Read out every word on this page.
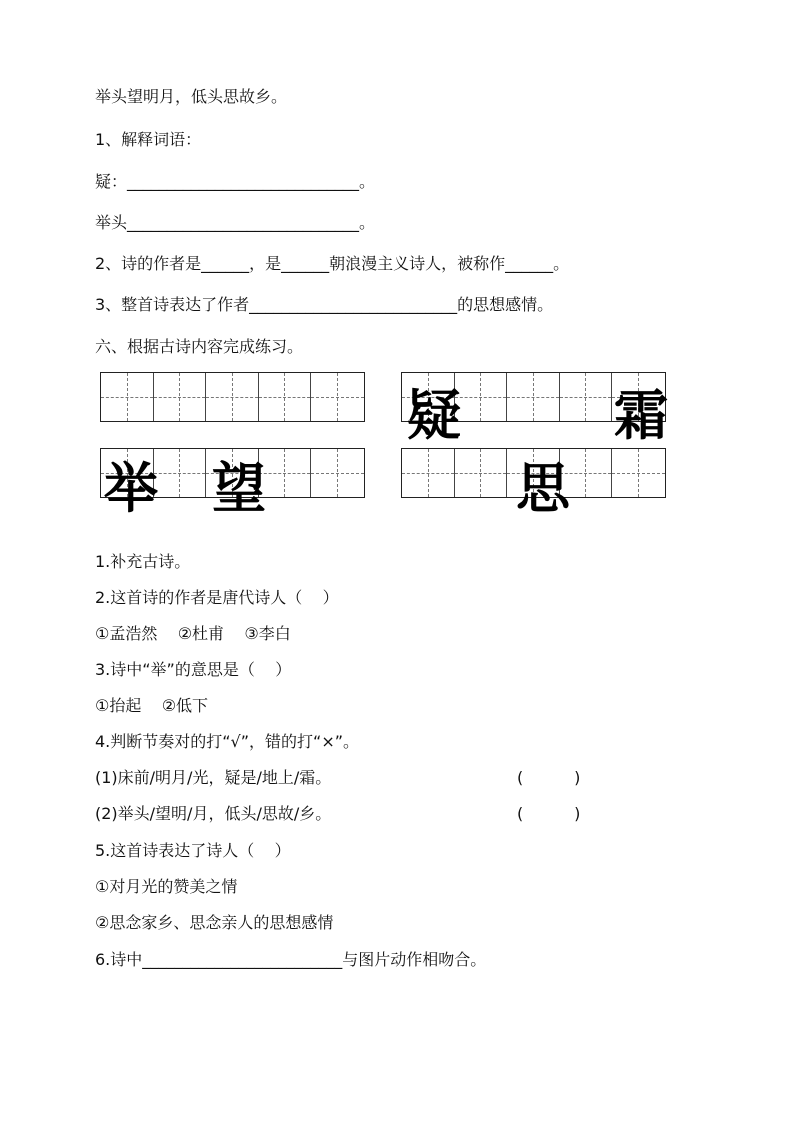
举头望明月，低头思故乡。
1、解释词语：
疑：_____________________________。
举头_____________________________。
2、诗的作者是______，是______朝浪漫主义诗人，被称作______。
3、整首诗表达了作者__________________________的思想感情。
六、根据古诗内容完成练习。
疑	霜
举 望	思
1.补充古诗。
2.这首诗的作者是唐代诗人（    ）
①孟浩然    ②杜甫    ③李白
3.诗中“举”的意思是（    ）
①抬起    ②低下
4.判断节奏对的打“√”，错的打“×”。
(1)床前/明月/光，疑是/地上/霜。	(          )
(2)举头/望明/月，低头/思故/乡。	(          )
5.这首诗表达了诗人（    ）
①对月光的赞美之情
②思念家乡、思念亲人的思想感情
6.诗中_________________________与图片动作相吻合。
